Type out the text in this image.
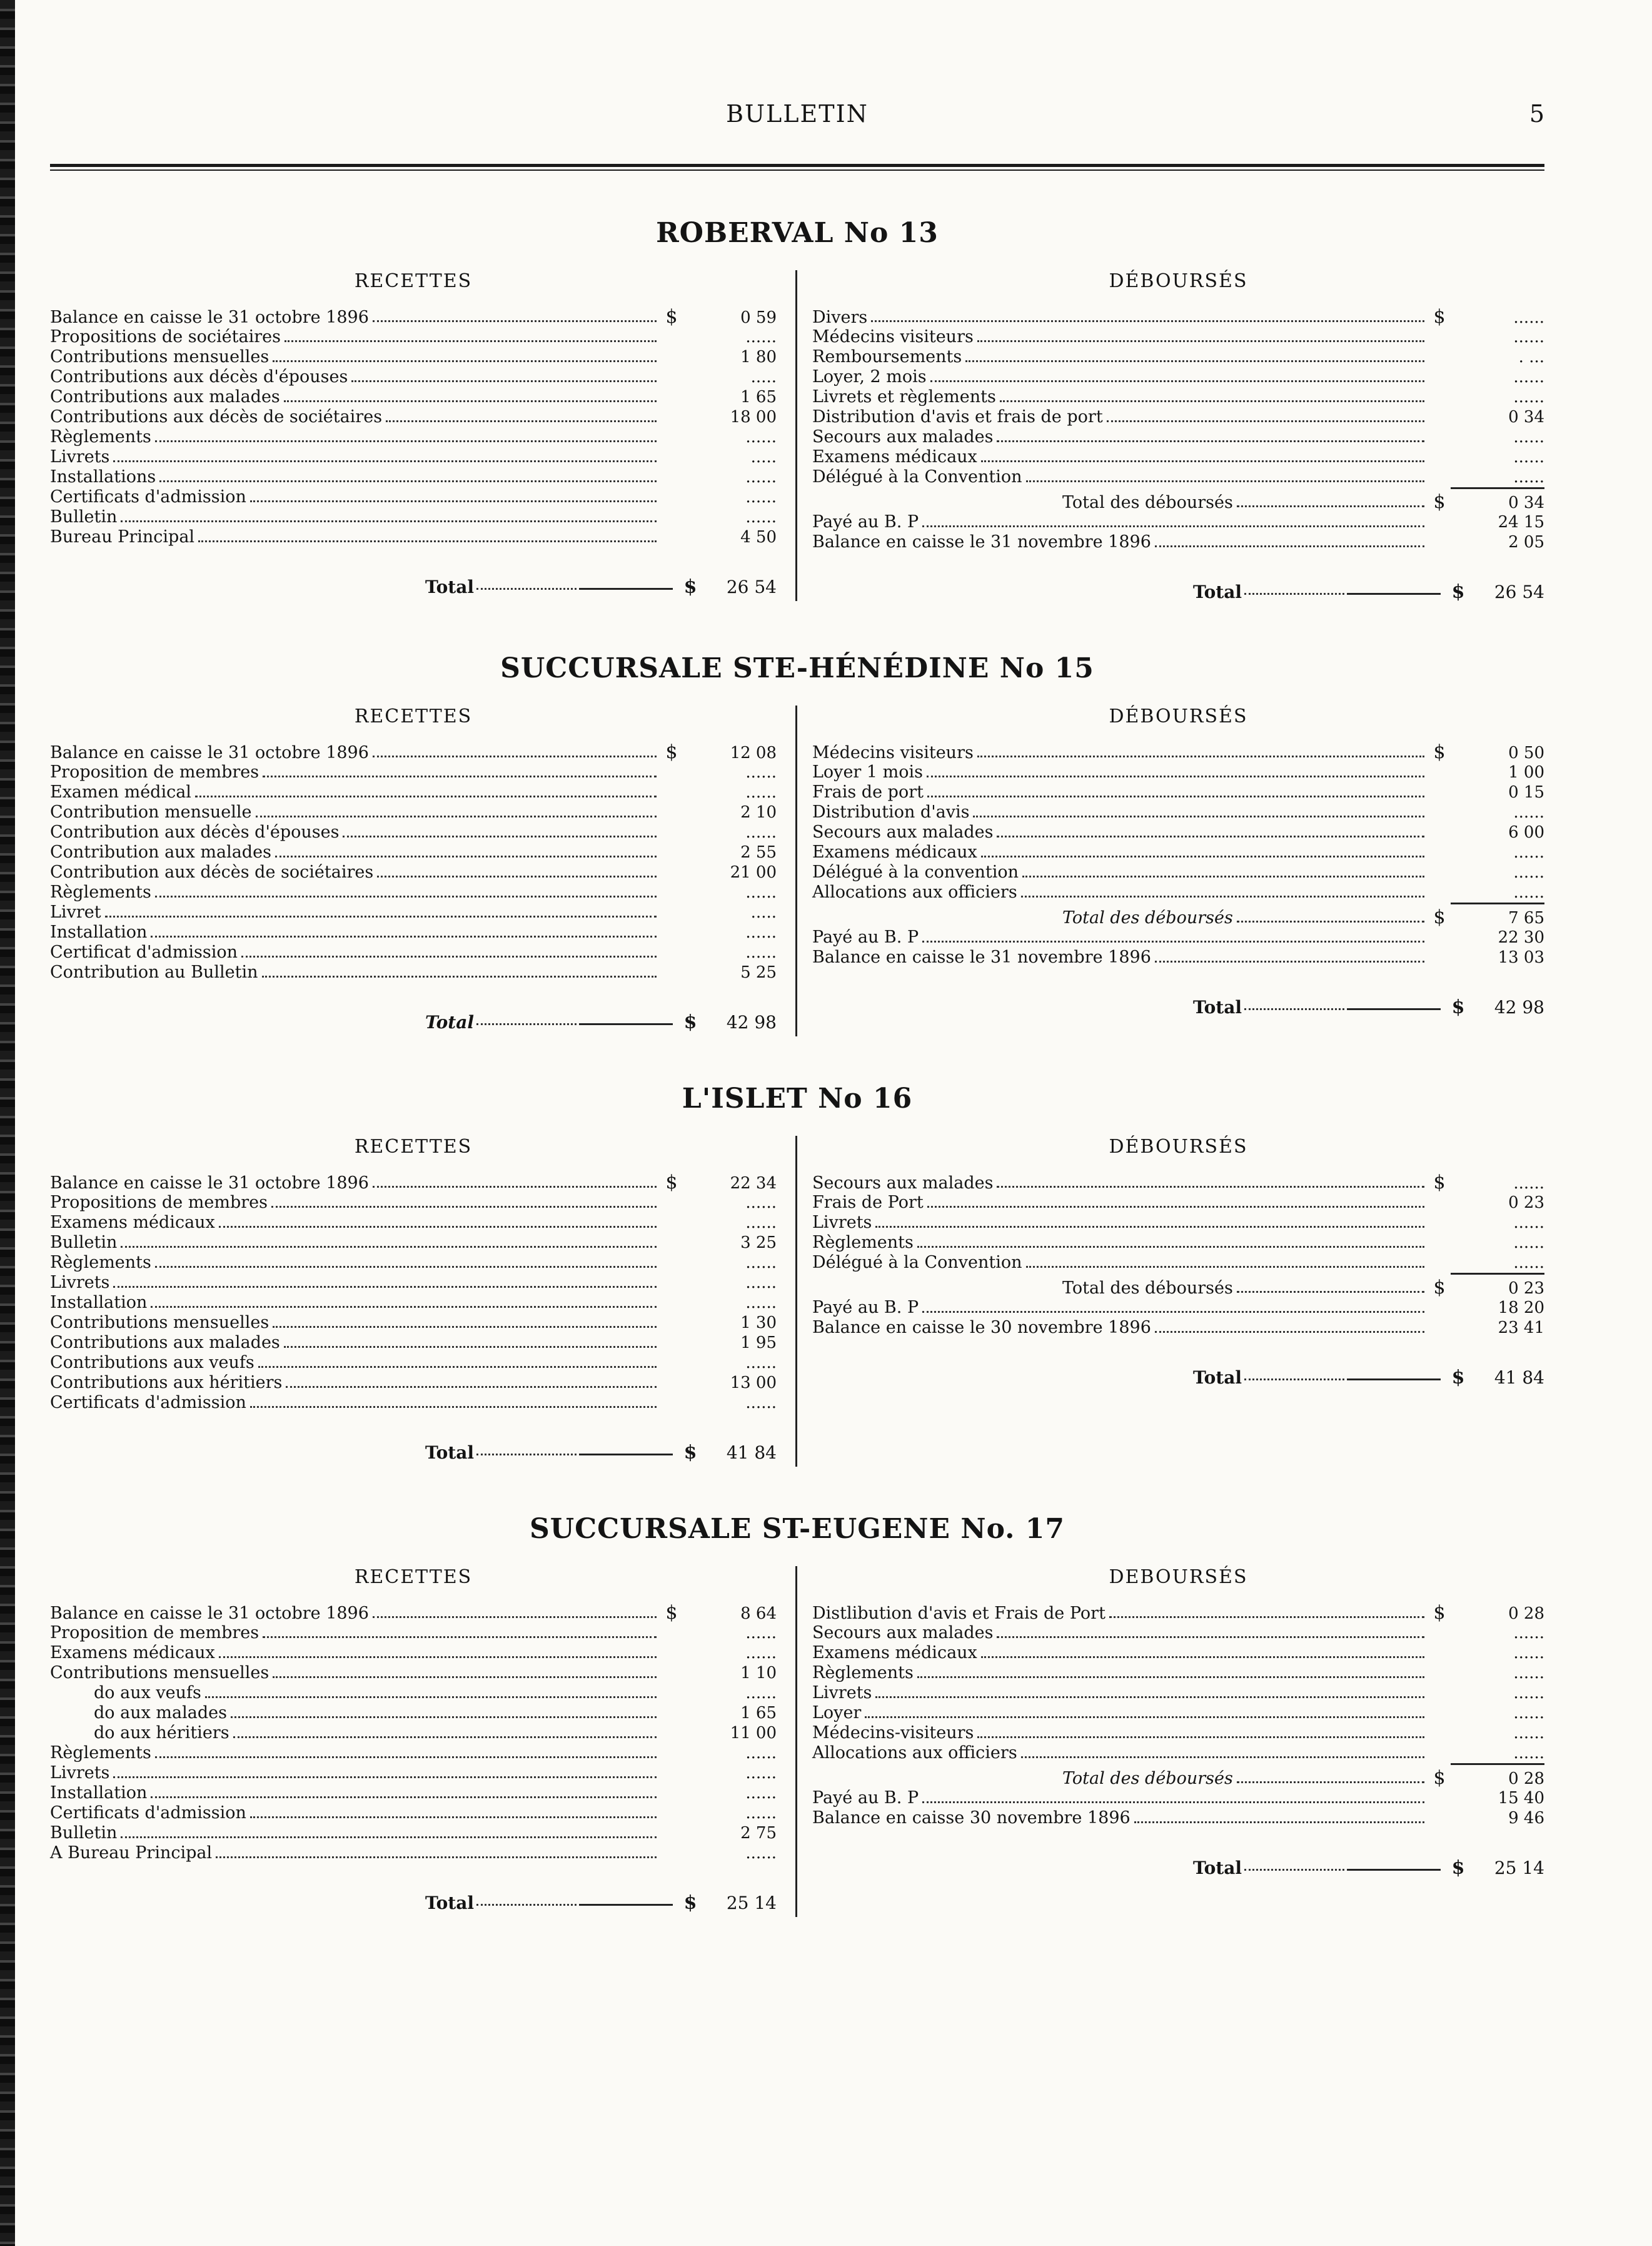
BULLETIN	5
ROBERVAL No 13
RECETTES
Balance en caisse le 31 octobre 1896	$	0 59
Propositions de sociétaires	......
Contributions mensuelles	1 80
Contributions aux décès d'épouses	.....
Contributions aux malades	1 65
Contributions aux décès de sociétaires	18 00
Règlements	......
Livrets	.....
Installations	......
Certificats d'admission	......
Bulletin	......
Bureau Principal	4 50
Total	$	26 54
DÉBOURSÉS
Divers	$	......
Médecins visiteurs	......
Remboursements	. ...
Loyer, 2 mois	......
Livrets et règlements	......
Distribution d'avis et frais de port	0 34
Secours aux malades	......
Examens médicaux	......
Délégué à la Convention	......
Total des déboursés	$	0 34
Payé au B. P	24 15
Balance en caisse le 31 novembre 1896	2 05
Total	$	26 54
SUCCURSALE STE-HÉNÉDINE No 15
RECETTES
Balance en caisse le 31 octobre 1896	$	12 08
Proposition de membres	......
Examen médical	......
Contribution mensuelle	2 10
Contribution aux décès d'épouses	......
Contribution aux malades	2 55
Contribution aux décès de sociétaires	21 00
Règlements	......
Livret	.....
Installation	......
Certificat d'admission	......
Contribution au Bulletin	5 25
Total	$	42 98
DÉBOURSÉS
Médecins visiteurs	$	0 50
Loyer 1 mois	1 00
Frais de port	0 15
Distribution d'avis	......
Secours aux malades	6 00
Examens médicaux	......
Délégué à la convention	......
Allocations aux officiers	......
Total des déboursés	$	7 65
Payé au B. P	22 30
Balance en caisse le 31 novembre 1896	13 03
Total	$	42 98
L'ISLET No 16
RECETTES
Balance en caisse le 31 octobre 1896	$	22 34
Propositions de membres	......
Examens médicaux	......
Bulletin	3 25
Règlements	......
Livrets	......
Installation	......
Contributions mensuelles	1 30
Contributions aux malades	1 95
Contributions aux veufs	......
Contributions aux héritiers	13 00
Certificats d'admission	......
Total	$	41 84
DÉBOURSÉS
Secours aux malades	$	......
Frais de Port	0 23
Livrets	......
Règlements	......
Délégué à la Convention	......
Total des déboursés	$	0 23
Payé au B. P	18 20
Balance en caisse le 30 novembre 1896	23 41
Total	$	41 84
SUCCURSALE ST-EUGENE No. 17
RECETTES
Balance en caisse le 31 octobre 1896	$	8 64
Proposition de membres	......
Examens médicaux	......
Contributions mensuelles	1 10
do aux veufs	......
do aux malades	1 65
do aux héritiers	11 00
Règlements	......
Livrets	......
Installation	......
Certificats d'admission	......
Bulletin	2 75
A Bureau Principal	......
Total	$	25 14
DEBOURSÉS
Distlibution d'avis et Frais de Port	$	0 28
Secours aux malades	......
Examens médicaux	......
Règlements	......
Livrets	......
Loyer	......
Médecins-visiteurs	......
Allocations aux officiers	......
Total des déboursés	$	0 28
Payé au B. P	15 40
Balance en caisse 30 novembre 1896	9 46
Total	$	25 14
